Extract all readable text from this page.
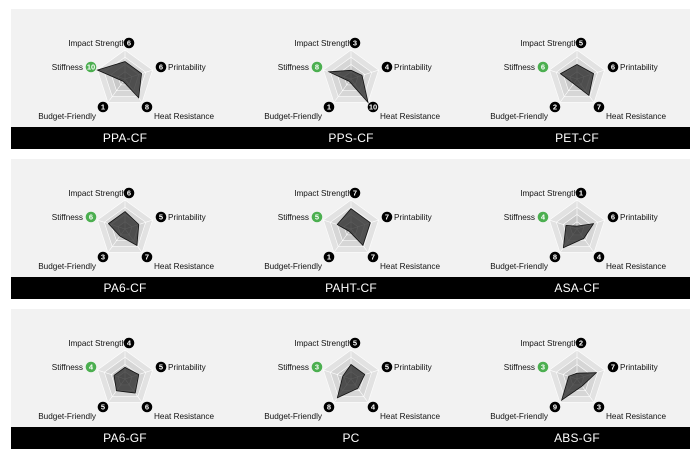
6
Impact Strength
6 Printability
8
Heat Resistance
1
Budget-Friendly
10
Stiffness
PPA-CF
3
Impact Strength
4 Printability
10
Heat Resistance
1
Budget-Friendly
8
Stiffness
PPS-CF
5
Impact Strength
6 Printability
7
Heat Resistance
2
Budget-Friendly
6
Stiffness
PET-CF
6
Impact Strength
5 Printability
7
Heat Resistance
3
Budget-Friendly
6
Stiffness
PA6-CF
7
Impact Strength
7 Printability
7
Heat Resistance
1
Budget-Friendly
5
Stiffness
PAHT-CF
1
Impact Strength
6 Printability
4
Heat Resistance
8
Budget-Friendly
4
Stiffness
ASA-CF
4
Impact Strength
5 Printability
6
Heat Resistance
5
Budget-Friendly
4
Stiffness
PA6-GF
5
Impact Strength
5 Printability
4
Heat Resistance
8
Budget-Friendly
3
Stiffness
PC
2
Impact Strength
7 Printability
3
Heat Resistance
9
Budget-Friendly
3
Stiffness
ABS-GF
